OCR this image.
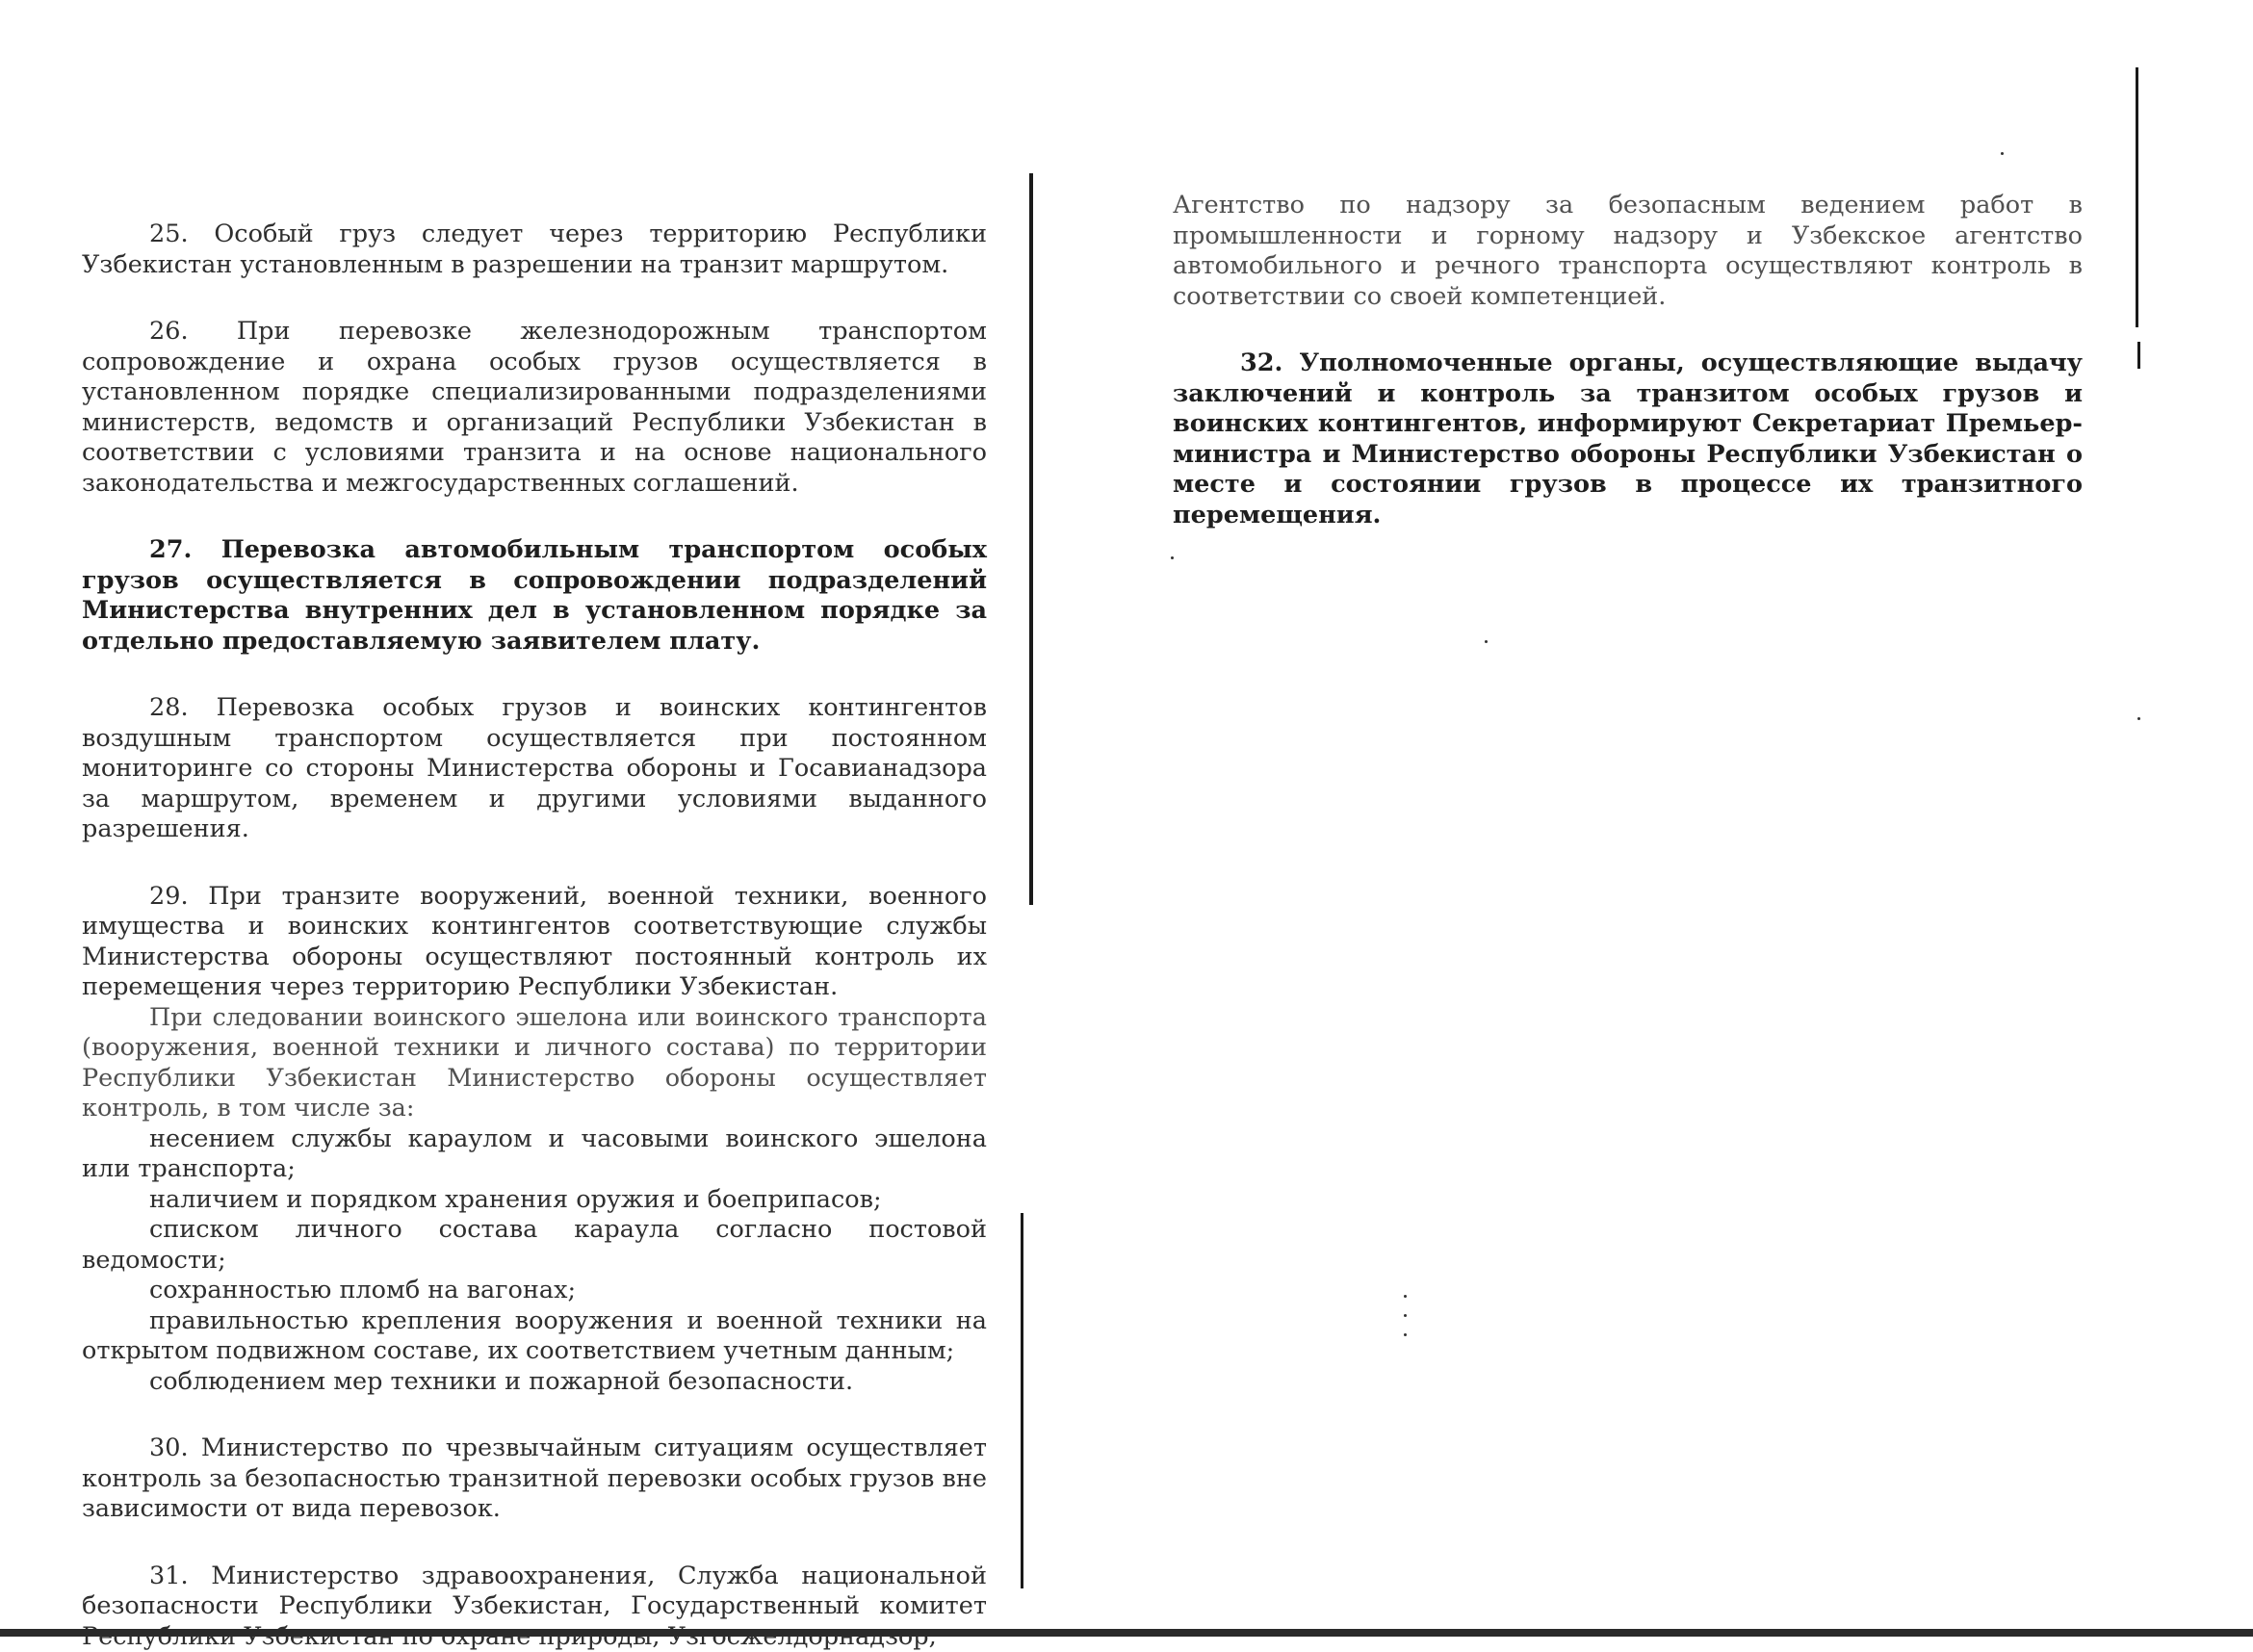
25. Особый груз следует через территорию Республики Узбекистан установленным в разрешении на транзит маршрутом.

26. При перевозке железнодорожным транспортом сопровождение и охрана особых грузов осуществляется в установленном порядке специализированными подразделениями министерств, ведомств и организаций Республики Узбекистан в соответствии с условиями транзита и на основе национального законодательства и межгосударственных соглашений.

27. Перевозка автомобильным транспортом особых грузов осуществляется в сопровождении подразделений Министерства внутренних дел в установленном порядке за отдельно предоставляемую заявителем плату.

28. Перевозка особых грузов и воинских контингентов воздушным транспортом осуществляется при постоянном мониторинге со стороны Министерства обороны и Госавианадзора за маршрутом, временем и другими условиями выданного разрешения.

29. При транзите вооружений, военной техники, военного имущества и воинских контингентов соответствующие службы Министерства обороны осуществляют постоянный контроль их перемещения через территорию Республики Узбекистан.

При следовании воинского эшелона или воинского транспорта (вооружения, военной техники и личного состава) по территории Республики Узбекистан Министерство обороны осуществляет контроль, в том числе за:

несением службы караулом и часовыми воинского эшелона или транспорта;

наличием и порядком хранения оружия и боеприпасов;

списком личного состава караула согласно постовой ведомости;

сохранностью пломб на вагонах;

правильностью крепления вооружения и военной техники на открытом подвижном составе, их соответствием учетным данным;

соблюдением мер техники и пожарной безопасности.

30. Министерство по чрезвычайным ситуациям осуществляет контроль за безопасностью транзитной перевозки особых грузов вне зависимости от вида перевозок.

31. Министерство здравоохранения, Служба национальной безопасности Республики Узбекистан, Государственный комитет

Агентство по надзору за безопасным ведением работ в промышленности и горному надзору и Узбекское агентство автомобильного и речного транспорта осуществляют контроль в соответствии со своей компетенцией.

32. Уполномоченные органы, осуществляющие выдачу заключений и контроль за транзитом особых грузов и воинских контингентов, информируют Секретариат Премьер-министра и Министерство обороны Республики Узбекистан о месте и состоянии грузов в процессе их транзитного перемещения.
